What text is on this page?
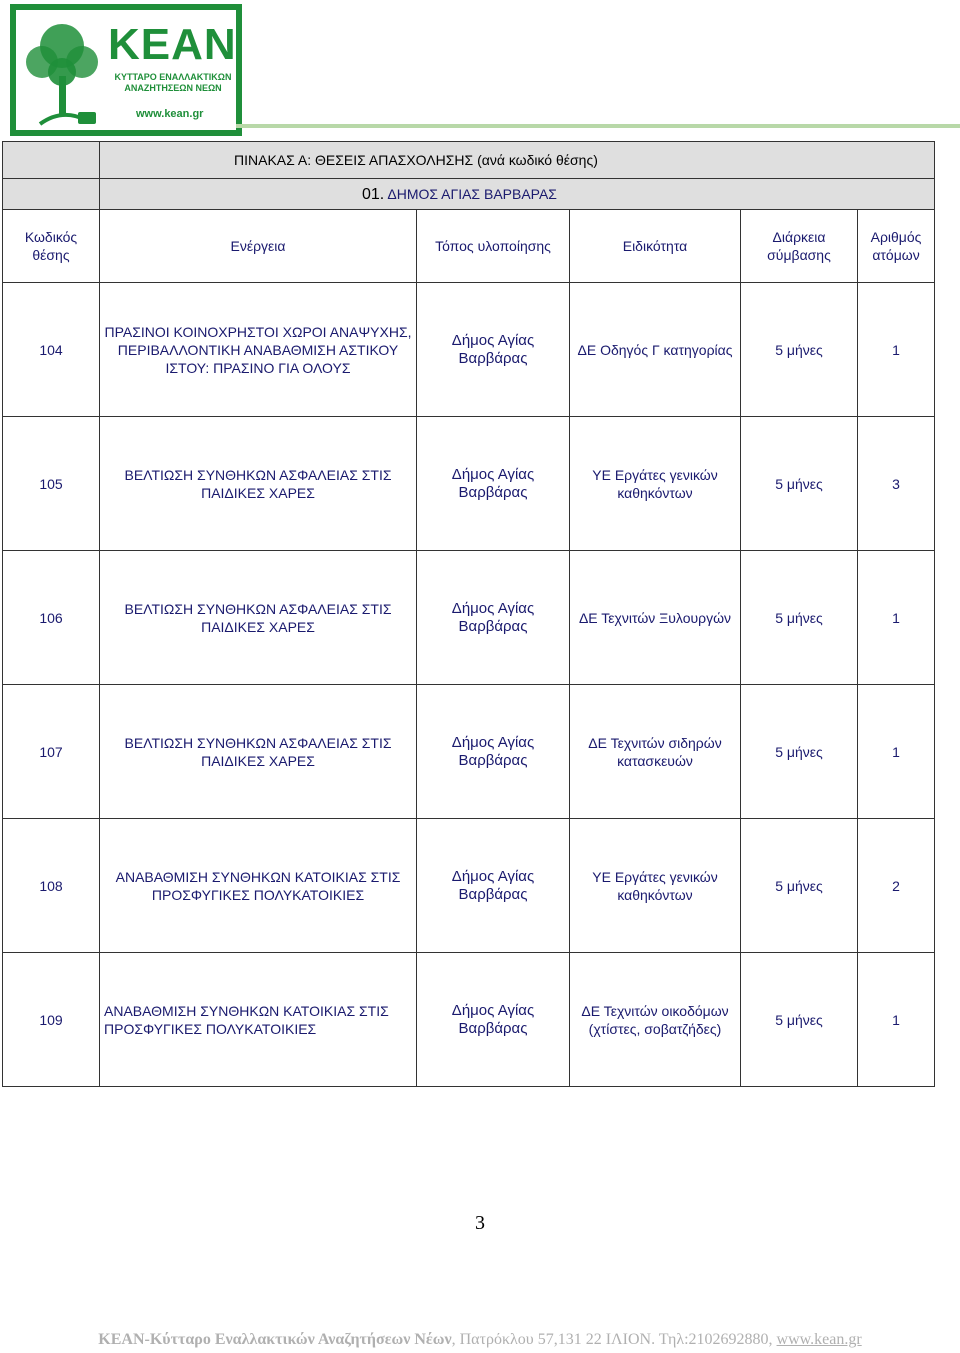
ΚΕΑΝ
ΚΥΤΤΑΡΟ ΕΝΑΛΛΑΚΤΙΚΩΝ ΑΝΑΖΗΤΗΣΕΩΝ ΝΕΩΝ
www.kean.gr
	ΠΙΝΑΚΑΣ Α: ΘΕΣΕΙΣ ΑΠΑΣΧΟΛΗΣΗΣ (ανά κωδικό θέσης)				
	01. ΔΗΜΟΣ ΑΓΙΑΣ ΒΑΡΒΑΡΑΣ				
Κωδικός θέσης	Ενέργεια	Τόπος υλοποίησης	Ειδικότητα	Διάρκεια σύμβασης	Αριθμός ατόμων
104	ΠΡΑΣΙΝΟΙ ΚΟΙΝΟΧΡΗΣΤΟΙ ΧΩΡΟΙ ΑΝΑΨΥΧΗΣ, ΠΕΡΙΒΑΛΛΟΝΤΙΚΗ ΑΝΑΒΑΘΜΙΣΗ ΑΣΤΙΚΟΥ ΙΣΤΟΥ: ΠΡΑΣΙΝΟ ΓΙΑ ΟΛΟΥΣ	Δήμος Αγίας Βαρβάρας	ΔΕ Οδηγός Γ κατηγορίας	5 μήνες	1
105	ΒΕΛΤΙΩΣΗ ΣΥΝΘΗΚΩΝ ΑΣΦΑΛΕΙΑΣ ΣΤΙΣ ΠΑΙΔΙΚΕΣ ΧΑΡΕΣ	Δήμος Αγίας Βαρβάρας	ΥΕ Εργάτες γενικών καθηκόντων	5 μήνες	3
106	ΒΕΛΤΙΩΣΗ ΣΥΝΘΗΚΩΝ ΑΣΦΑΛΕΙΑΣ ΣΤΙΣ ΠΑΙΔΙΚΕΣ ΧΑΡΕΣ	Δήμος Αγίας Βαρβάρας	ΔΕ Τεχνιτών Ξυλουργών	5 μήνες	1
107	ΒΕΛΤΙΩΣΗ ΣΥΝΘΗΚΩΝ ΑΣΦΑΛΕΙΑΣ ΣΤΙΣ ΠΑΙΔΙΚΕΣ ΧΑΡΕΣ	Δήμος Αγίας Βαρβάρας	ΔΕ Τεχνιτών σιδηρών κατασκευών	5 μήνες	1
108	ΑΝΑΒΑΘΜΙΣΗ ΣΥΝΘΗΚΩΝ ΚΑΤΟΙΚΙΑΣ ΣΤΙΣ ΠΡΟΣΦΥΓΙΚΕΣ ΠΟΛΥΚΑΤΟΙΚΙΕΣ	Δήμος Αγίας Βαρβάρας	ΥΕ Εργάτες γενικών καθηκόντων	5 μήνες	2
109	ΑΝΑΒΑΘΜΙΣΗ ΣΥΝΘΗΚΩΝ ΚΑΤΟΙΚΙΑΣ ΣΤΙΣ ΠΡΟΣΦΥΓΙΚΕΣ ΠΟΛΥΚΑΤΟΙΚΙΕΣ	Δήμος Αγίας Βαρβάρας	ΔΕ Τεχνιτών οικοδόμων (χτίστες, σοβατζήδες)	5 μήνες	1
3
ΚΕΑΝ-Κύτταρο Εναλλακτικών Αναζητήσεων Νέων, Πατρόκλου 57,131 22 ΙΛΙΟΝ. Τηλ:2102692880, www.kean.gr
